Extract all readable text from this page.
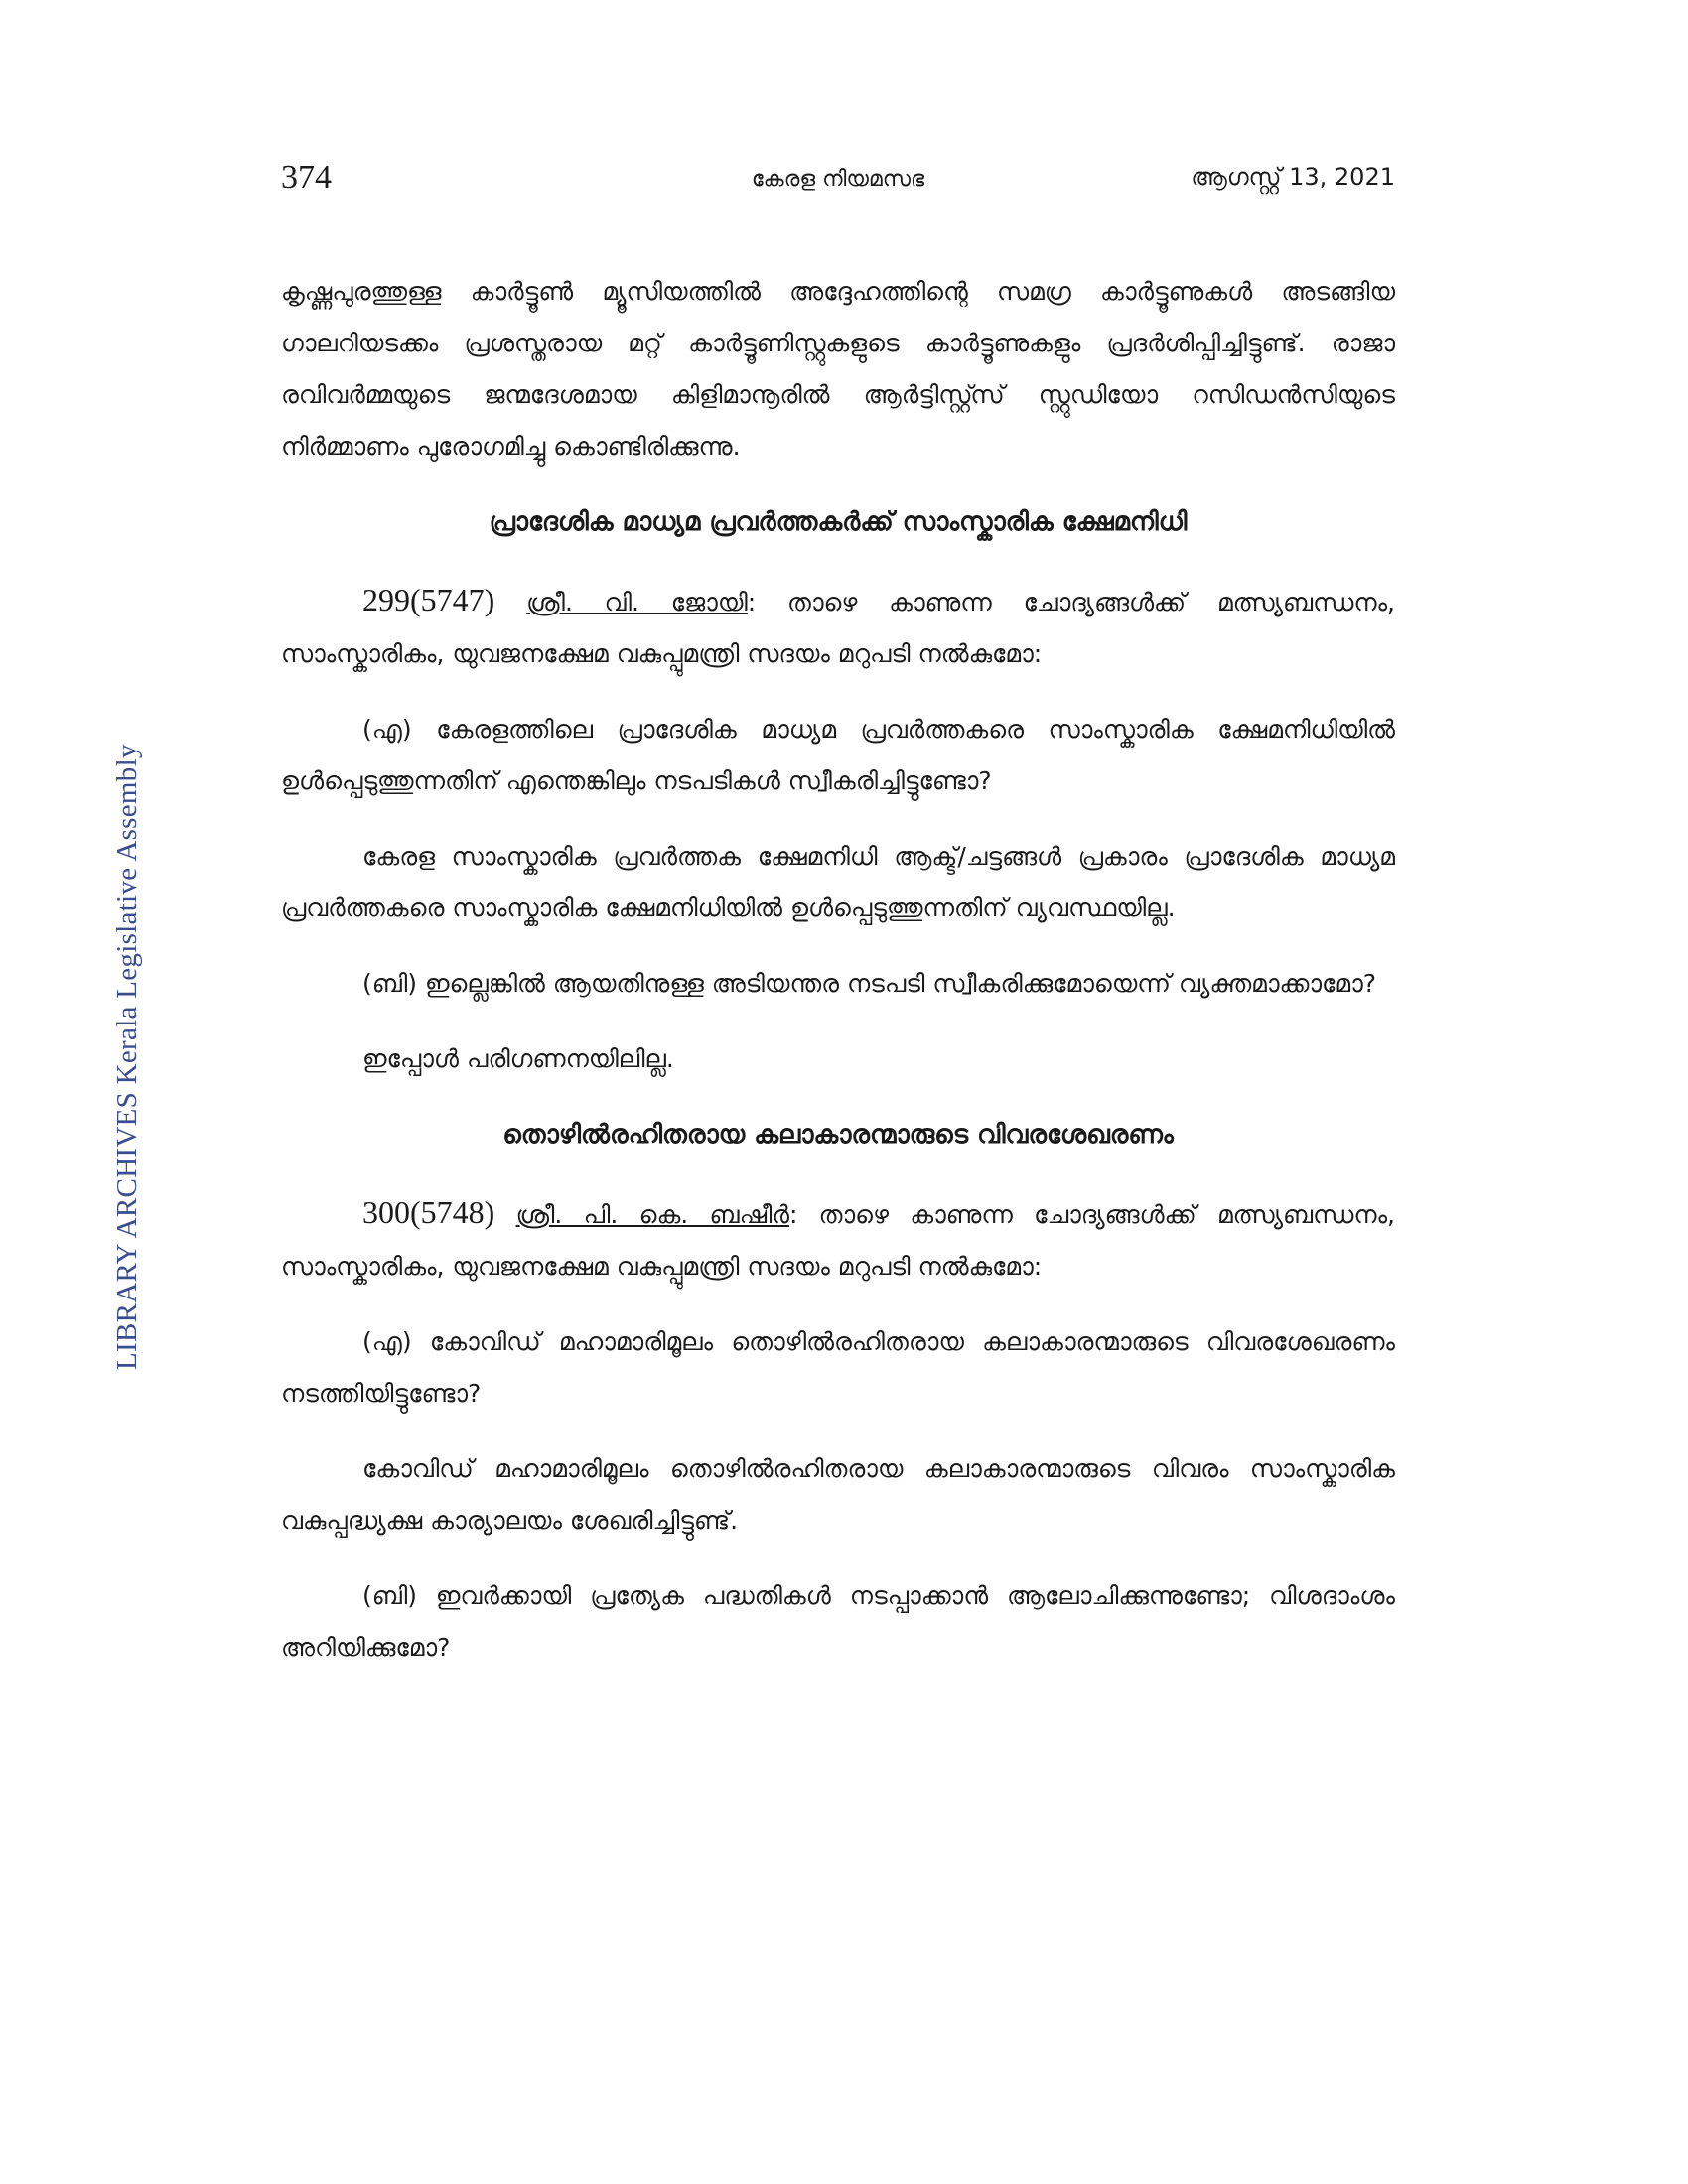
374	കേരള നിയമസഭ	ആഗസ്റ്റ് 13, 2021
LIBRARY ARCHIVES Kerala Legislative Assembly

കൃഷ്ണപുരത്തുള്ള കാർട്ടൂൺ മ്യൂസിയത്തിൽ അദ്ദേഹത്തിന്റെ സമഗ്ര കാർട്ടൂണുകൾ അടങ്ങിയ ഗാലറിയടക്കം പ്രശസ്തരായ മറ്റ് കാർട്ടൂണിസ്റ്റുകളുടെ കാർട്ടൂണുകളും പ്രദർശിപ്പിച്ചിട്ടുണ്ട്. രാജാ രവിവർമ്മയുടെ ജന്മദേശമായ കിളിമാനൂരിൽ ആർട്ടിസ്റ്റ്സ് സ്റ്റുഡിയോ റസിഡൻസിയുടെ നിർമ്മാണം പുരോഗമിച്ചു കൊണ്ടിരിക്കുന്നു.

പ്രാദേശിക മാധ്യമ പ്രവർത്തകർക്ക് സാംസ്കാരിക ക്ഷേമനിധി

299(5747) ശ്രീ. വി. ജോയി: താഴെ കാണുന്ന ചോദ്യങ്ങൾക്ക് മത്സ്യബന്ധനം, സാംസ്കാരികം, യുവജനക്ഷേമ വകുപ്പുമന്ത്രി സദയം മറുപടി നൽകുമോ:

(എ) കേരളത്തിലെ പ്രാദേശിക മാധ്യമ പ്രവർത്തകരെ സാംസ്കാരിക ക്ഷേമനിധിയിൽ ഉൾപ്പെടുത്തുന്നതിന് എന്തെങ്കിലും നടപടികൾ സ്വീകരിച്ചിട്ടുണ്ടോ?

കേരള സാംസ്കാരിക പ്രവർത്തക ക്ഷേമനിധി ആക്ട്/ചട്ടങ്ങൾ പ്രകാരം പ്രാദേശിക മാധ്യമ പ്രവർത്തകരെ സാംസ്കാരിക ക്ഷേമനിധിയിൽ ഉൾപ്പെടുത്തുന്നതിന് വ്യവസ്ഥയില്ല.

(ബി) ഇല്ലെങ്കിൽ ആയതിനുള്ള അടിയന്തര നടപടി സ്വീകരിക്കുമോയെന്ന് വ്യക്തമാക്കാമോ?

ഇപ്പോൾ പരിഗണനയിലില്ല.

തൊഴിൽരഹിതരായ കലാകാരന്മാരുടെ വിവരശേഖരണം

300(5748) ശ്രീ. പി. കെ. ബഷീർ: താഴെ കാണുന്ന ചോദ്യങ്ങൾക്ക് മത്സ്യബന്ധനം, സാംസ്കാരികം, യുവജനക്ഷേമ വകുപ്പുമന്ത്രി സദയം മറുപടി നൽകുമോ:

(എ) കോവിഡ് മഹാമാരിമൂലം തൊഴിൽരഹിതരായ കലാകാരന്മാരുടെ വിവരശേഖരണം നടത്തിയിട്ടുണ്ടോ?

കോവിഡ് മഹാമാരിമൂലം തൊഴിൽരഹിതരായ കലാകാരന്മാരുടെ വിവരം സാംസ്കാരിക വകുപ്പദ്ധ്യക്ഷ കാര്യാലയം ശേഖരിച്ചിട്ടുണ്ട്.

(ബി) ഇവർക്കായി പ്രത്യേക പദ്ധതികൾ നടപ്പാക്കാൻ ആലോചിക്കുന്നുണ്ടോ; വിശദാംശം അറിയിക്കുമോ?
